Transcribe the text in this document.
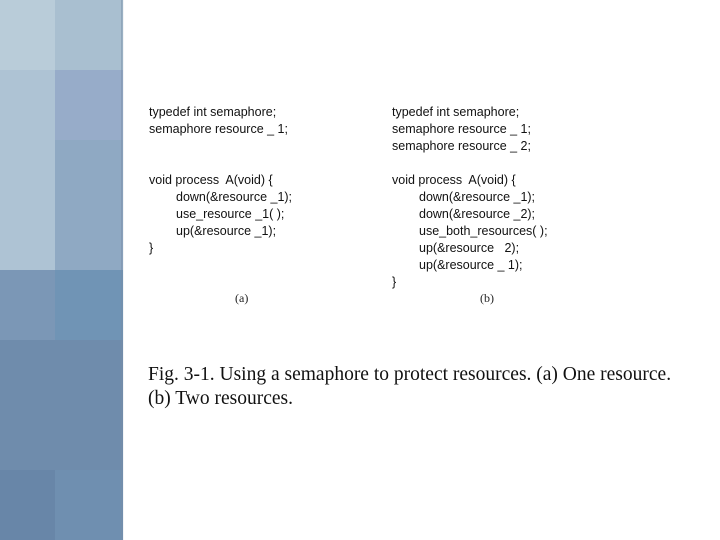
typedef int semaphore;
semaphore resource _ 1;
void process  A(void) {
down(&resource _1);
use_resource _1( );
up(&resource _1);
}
(a)
typedef int semaphore;
semaphore resource _ 1;
semaphore resource _ 2;
void process  A(void) {
down(&resource _1);
down(&resource _2);
use_both_resources( );
up(&resource   2);
up(&resource _ 1);
}
(b)
Fig. 3-1. Using a semaphore to protect resources. (a) One resource.
(b) Two resources.
